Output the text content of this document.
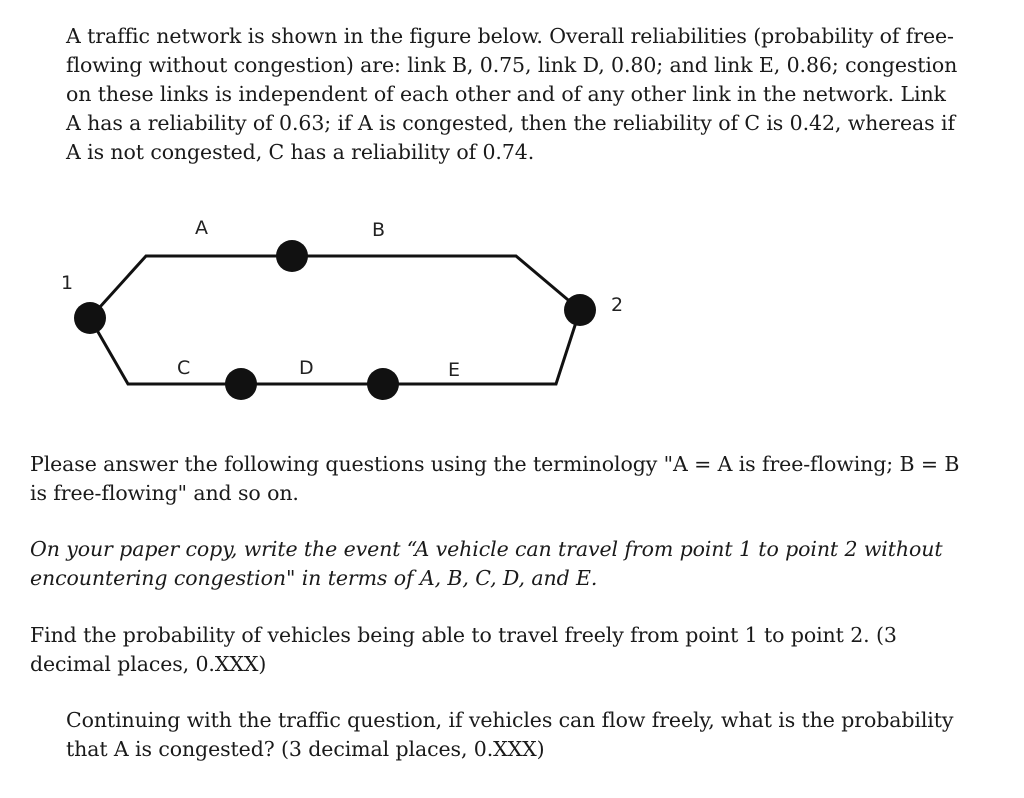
A traffic network is shown in the figure below. Overall reliabilities (probability of free-flowing without congestion) are: link B, 0.75, link D, 0.80; and link E, 0.86; congestion on these links is independent of each other and of any other link in the network. Link A has a reliability of 0.63; if A is congested, then the reliability of C is 0.42, whereas if A is not congested, C has a reliability of 0.74.

1
2
A	B
C	D	E

Please answer the following questions using the terminology "A = A is free-flowing; B = B is free-flowing" and so on.

On your paper copy, write the event “A vehicle can travel from point 1 to point 2 without encountering congestion" in terms of A, B, C, D, and E.

Find the probability of vehicles being able to travel freely from point 1 to point 2. (3 decimal places, 0.XXX)

Continuing with the traffic question, if vehicles can flow freely, what is the probability that A is congested? (3 decimal places, 0.XXX)
